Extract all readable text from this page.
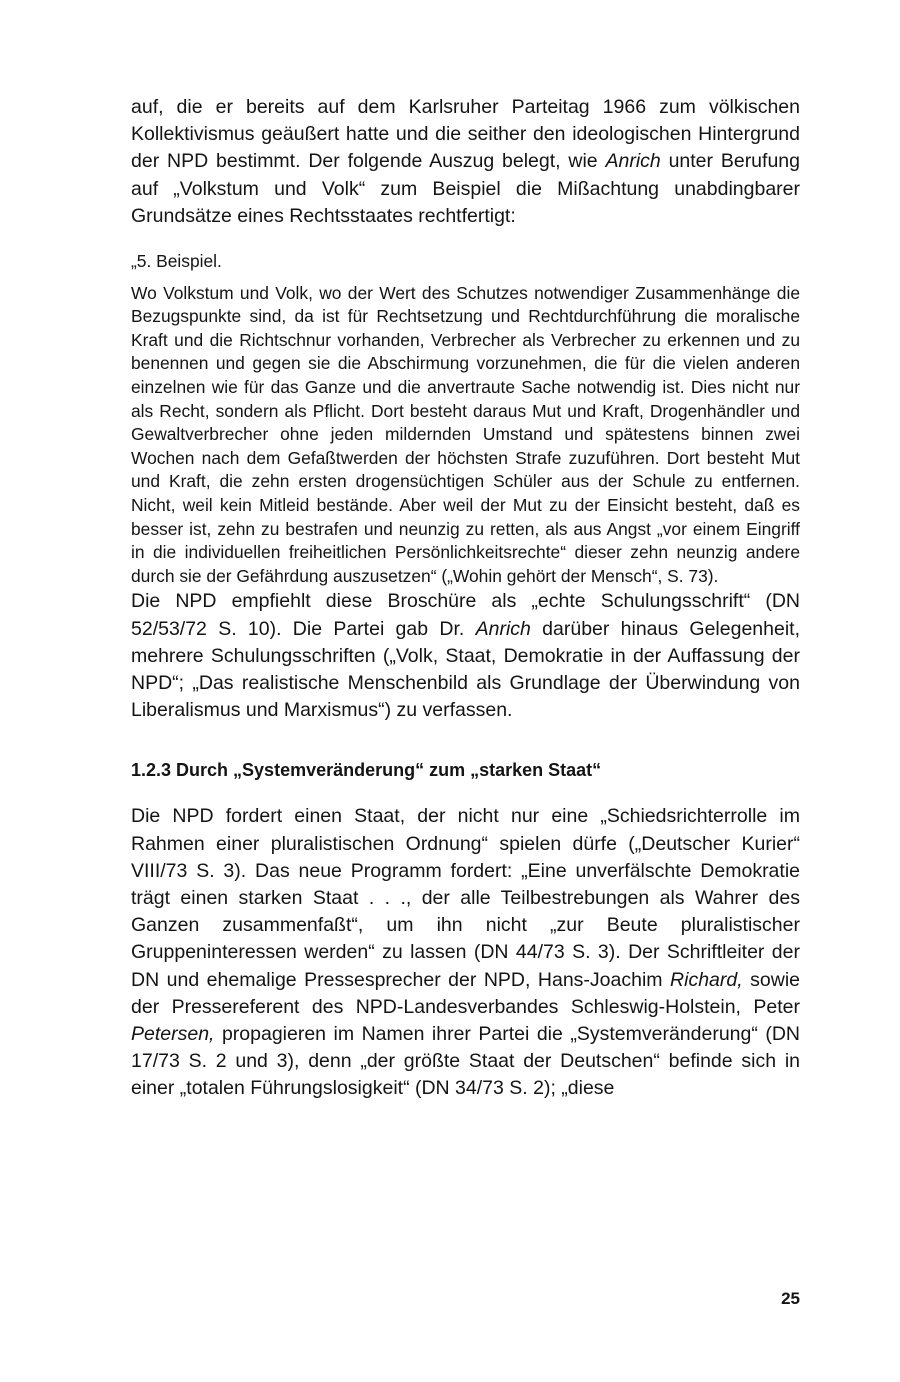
auf, die er bereits auf dem Karlsruher Parteitag 1966 zum völkischen Kollektivismus geäußert hatte und die seither den ideologischen Hintergrund der NPD bestimmt. Der folgende Auszug belegt, wie Anrich unter Berufung auf „Volkstum und Volk“ zum Beispiel die Mißachtung unabdingbarer Grundsätze eines Rechtsstaates rechtfertigt:

„5. Beispiel.

Wo Volkstum und Volk, wo der Wert des Schutzes notwendiger Zusammenhänge die Bezugspunkte sind, da ist für Rechtsetzung und Rechtdurchführung die moralische Kraft und die Richtschnur vorhanden, Verbrecher als Verbrecher zu erkennen und zu benennen und gegen sie die Abschirmung vorzunehmen, die für die vielen anderen einzelnen wie für das Ganze und die anvertraute Sache notwendig ist. Dies nicht nur als Recht, sondern als Pflicht. Dort besteht daraus Mut und Kraft, Drogenhändler und Gewaltverbrecher ohne jeden mildernden Umstand und spätestens binnen zwei Wochen nach dem Gefaßtwerden der höchsten Strafe zuzuführen. Dort besteht Mut und Kraft, die zehn ersten drogensüchtigen Schüler aus der Schule zu entfernen. Nicht, weil kein Mitleid bestände. Aber weil der Mut zu der Einsicht besteht, daß es besser ist, zehn zu bestrafen und neunzig zu retten, als aus Angst „vor einem Eingriff in die individuellen freiheitlichen Persönlichkeitsrechte“ dieser zehn neunzig andere durch sie der Gefährdung auszusetzen“ („Wohin gehört der Mensch“, S. 73).

Die NPD empfiehlt diese Broschüre als „echte Schulungsschrift“ (DN 52/53/72 S. 10). Die Partei gab Dr. Anrich darüber hinaus Gelegenheit, mehrere Schulungsschriften („Volk, Staat, Demokratie in der Auffassung der NPD“; „Das realistische Menschenbild als Grundlage der Überwindung von Liberalismus und Marxismus“) zu verfassen.

1.2.3 Durch „Systemveränderung“ zum „starken Staat“

Die NPD fordert einen Staat, der nicht nur eine „Schiedsrichterrolle im Rahmen einer pluralistischen Ordnung“ spielen dürfe („Deutscher Kurier“ VIII/73 S. 3). Das neue Programm fordert: „Eine unverfälschte Demokratie trägt einen starken Staat . . ., der alle Teilbestrebungen als Wahrer des Ganzen zusammenfaßt“, um ihn nicht „zur Beute pluralistischer Gruppeninteressen werden“ zu lassen (DN 44/73 S. 3). Der Schriftleiter der DN und ehemalige Pressesprecher der NPD, Hans-Joachim Richard, sowie der Pressereferent des NPD-Landesverbandes Schleswig-Holstein, Peter Petersen, propagieren im Namen ihrer Partei die „Systemveränderung“ (DN 17/73 S. 2 und 3), denn „der größte Staat der Deutschen“ befinde sich in einer „totalen Führungslosigkeit“ (DN 34/73 S. 2); „diese

25
